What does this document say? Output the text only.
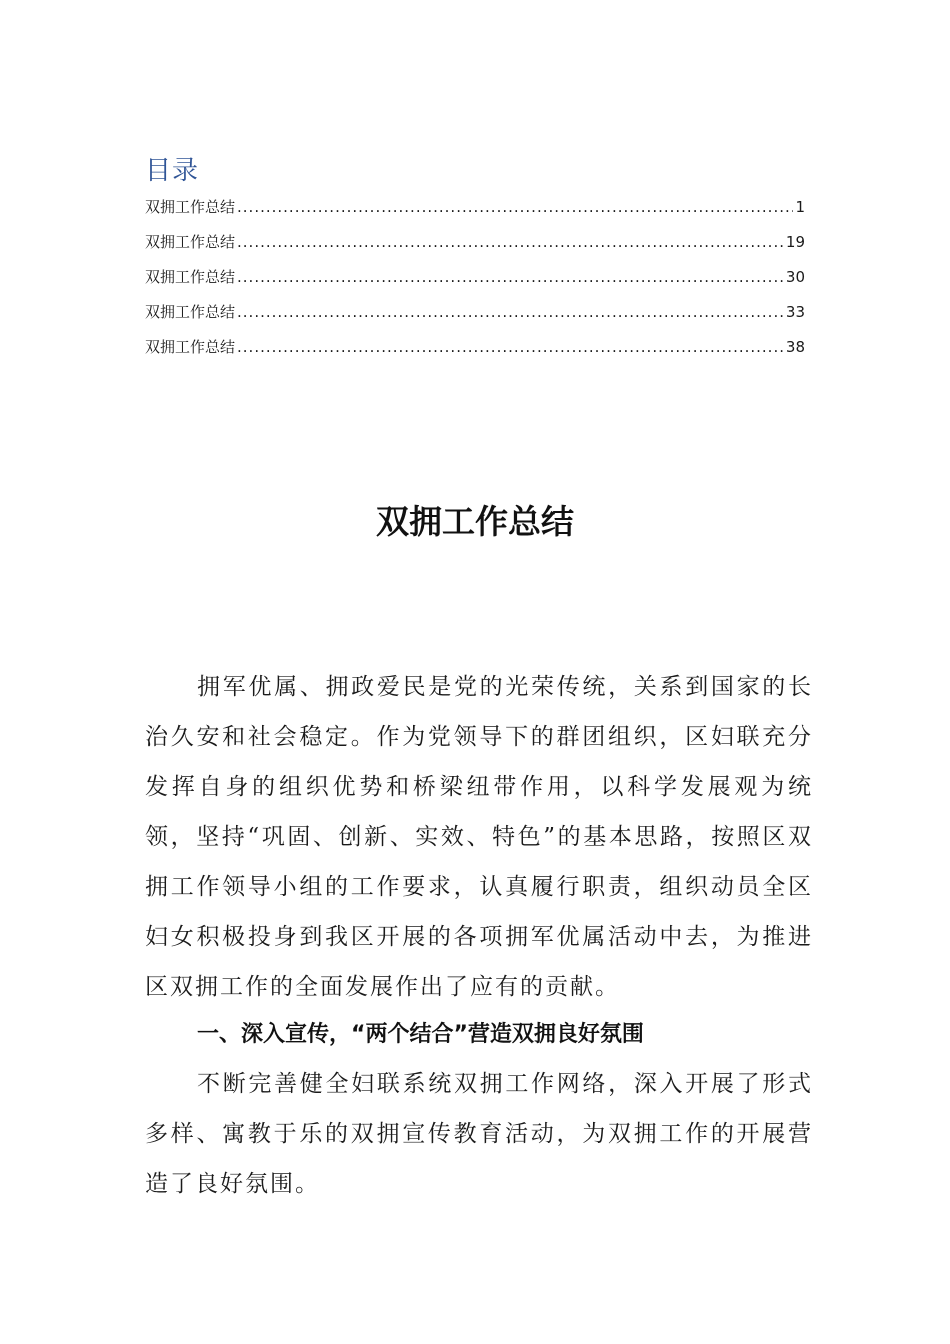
目录
双拥工作总结 .....	1
双拥工作总结 .....	19
双拥工作总结 .....	30
双拥工作总结 .....	33
双拥工作总结 .....	38
双拥工作总结

拥军优属、拥政爱民是党的光荣传统，关系到国家的长治久安和社会稳定。作为党领导下的群团组织，区妇联充分发挥自身的组织优势和桥梁纽带作用，以科学发展观为统领，坚持“巩固、创新、实效、特色”的基本思路，按照区双拥工作领导小组的工作要求，认真履行职责，组织动员全区妇女积极投身到我区开展的各项拥军优属活动中去，为推进区双拥工作的全面发展作出了应有的贡献。

一、深入宣传，“两个结合”营造双拥良好氛围

不断完善健全妇联系统双拥工作网络，深入开展了形式多样、寓教于乐的双拥宣传教育活动，为双拥工作的开展营造了良好氛围。
